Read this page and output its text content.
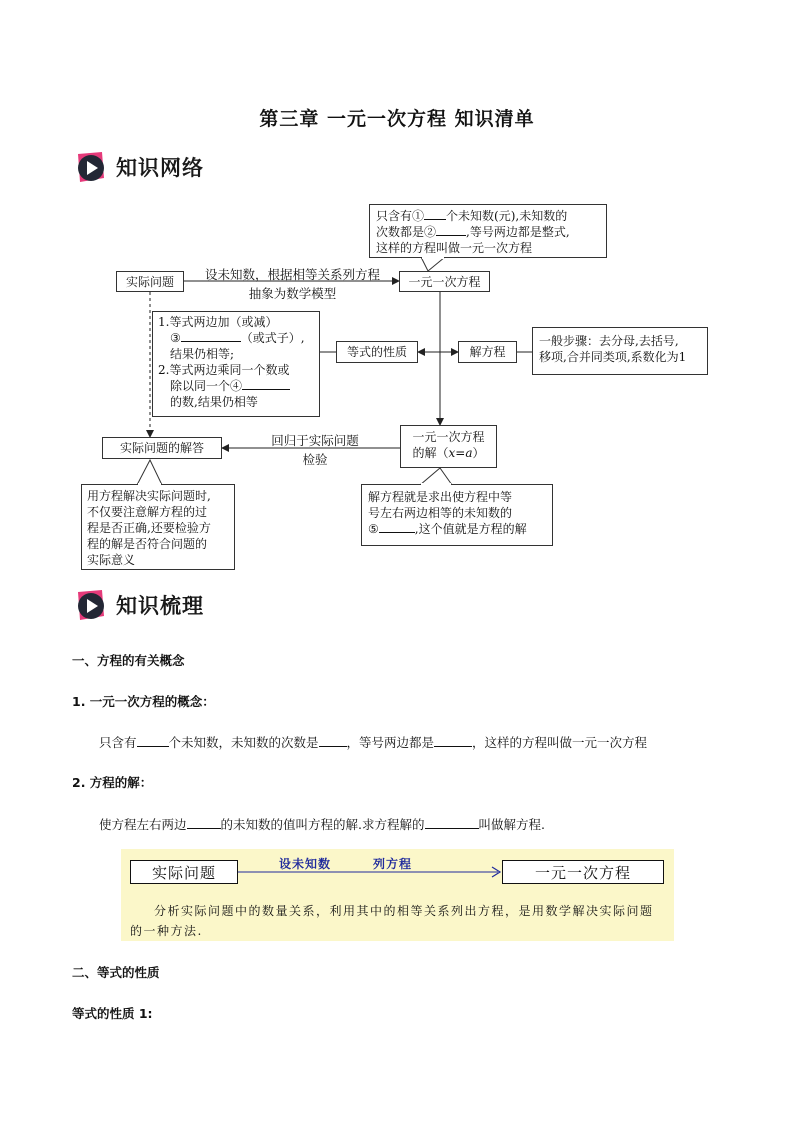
第三章 一元一次方程 知识清单
知识网络
只含有① 个未知数(元),未知数的
次数都是②	,等号两边都是整式,
这样的方程叫做一元一次方程
实际问题	设未知数，根据相等关系列方程
抽象为数学模型
一元一次方程
1.等式两边加（或减）
③	（或式子）,
结果仍相等;
2.等式两边乘同一个数或
除以同一个④
的数,结果仍相等
等式的性质	解方程
一般步骤：去分母,去括号,
移项,合并同类项,系数化为1
一元一次方程
的解（x=a）
回归于实际问题
检验
实际问题的解答
用方程解决实际问题时,
不仅要注意解方程的过
程是否正确,还要检验方
程的解是否符合问题的
实际意义
解方程就是求出使方程中等
号左右两边相等的未知数的
⑤	,这个值就是方程的解
知识梳理
一、方程的有关概念
1. 一元一次方程的概念：
只含有	个未知数，未知数的次数是 ，等号两边都是	，这样的方程叫做一元一次方程
2. 方程的解：
使方程左右两边	的未知数的值叫方程的解.求方程解的	叫做解方程.
实际问题	设未知数	列方程	一元一次方程
分析实际问题中的数量关系，利用其中的相等关系列出方程，是用数学解决实际问题的一种方法.
二、等式的性质
等式的性质 1:
